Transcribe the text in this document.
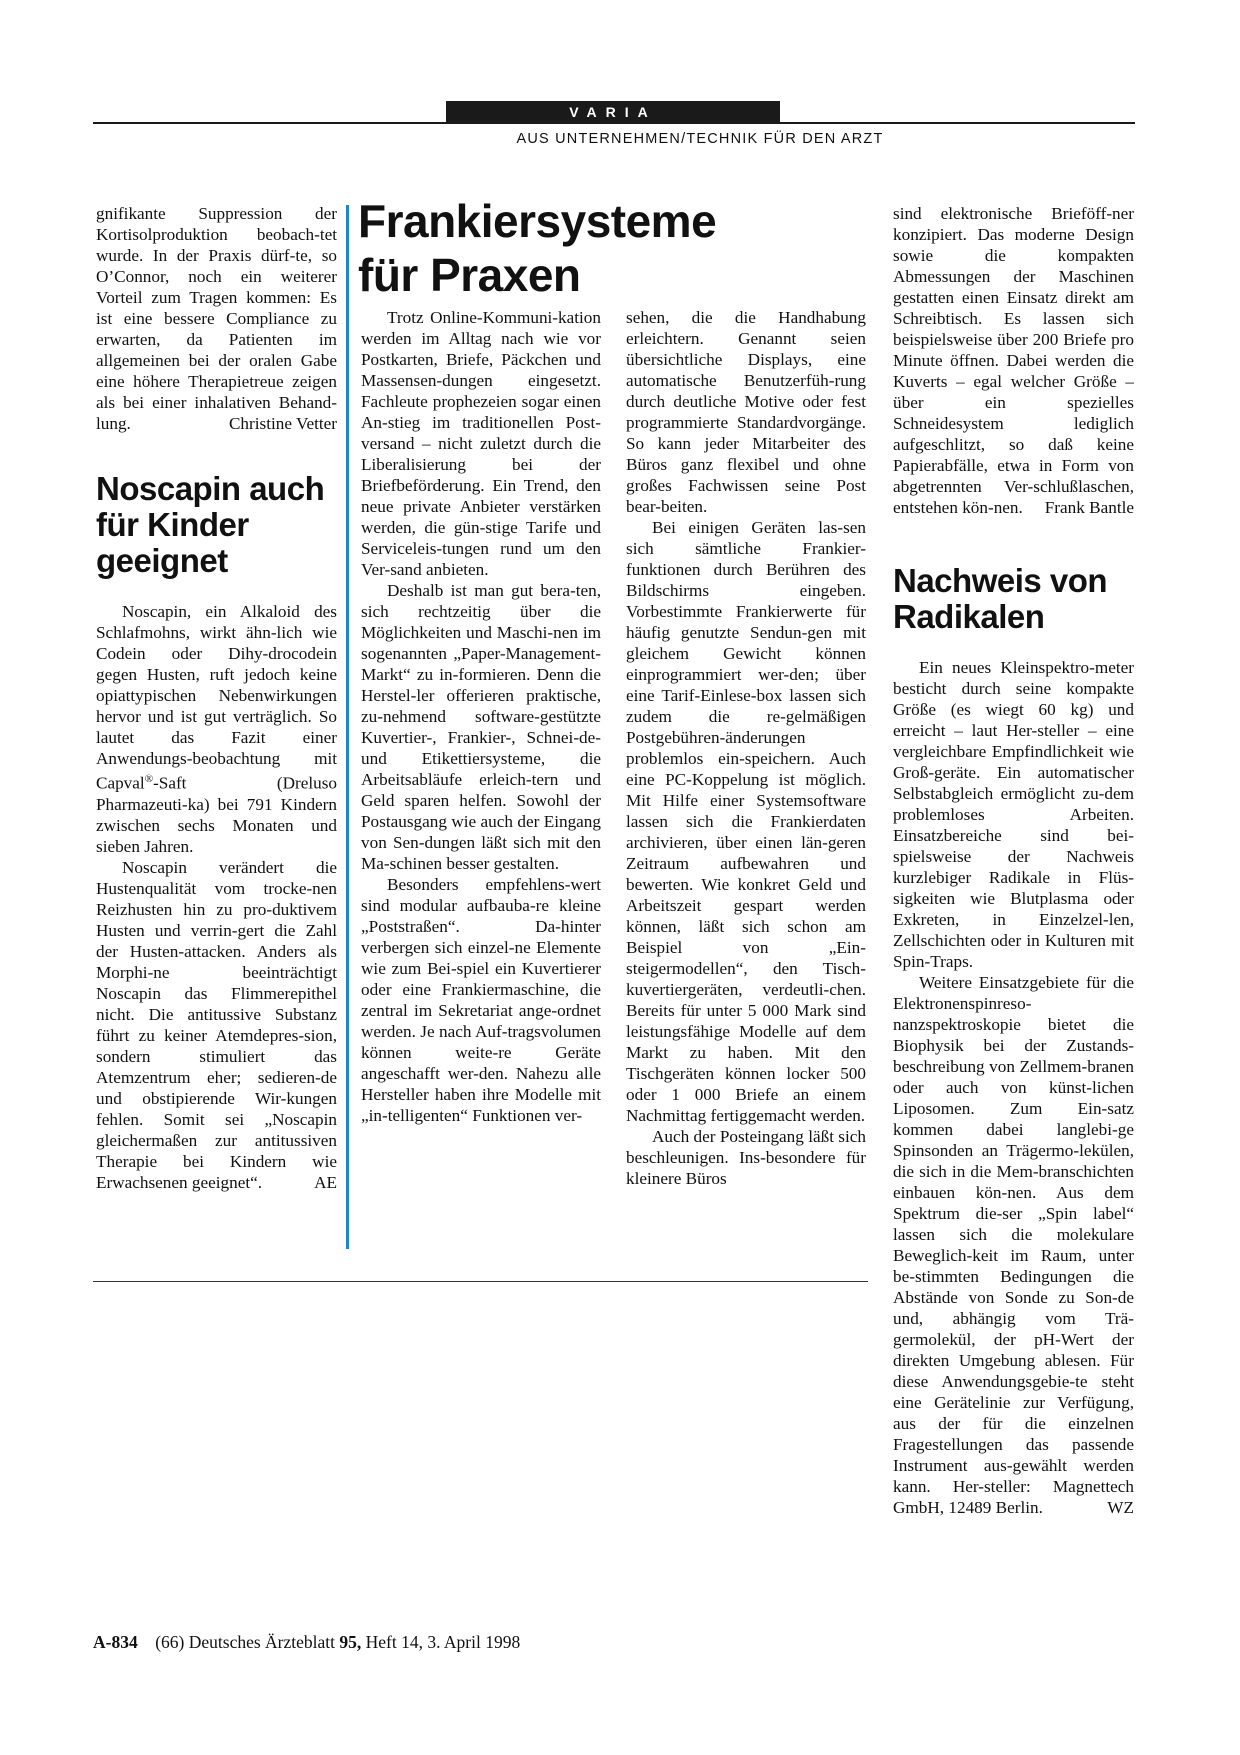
VARIA
AUS UNTERNEHMEN/TECHNIK FÜR DEN ARZT

gnifikante Suppression der Kortisolproduktion beobach-tet wurde. In der Praxis dürf-te, so O’Connor, noch ein weiterer Vorteil zum Tragen kommen: Es ist eine bessere Compliance zu erwarten, da Patienten im allgemeinen bei der oralen Gabe eine höhere Therapietreue zeigen als bei einer inhalativen Behand-lung.	Christine Vetter

Noscapin auch für Kinder geeignet

Noscapin, ein Alkaloid des Schlafmohns, wirkt ähn-lich wie Codein oder Dihy-drocodein gegen Husten, ruft jedoch keine opiattypischen Nebenwirkungen hervor und ist gut verträglich. So lautet das Fazit einer Anwendungs-beobachtung mit Capval®-Saft (Dreluso Pharmazeuti-ka) bei 791 Kindern zwischen sechs Monaten und sieben Jahren.

Noscapin verändert die Hustenqualität vom trocke-nen Reizhusten hin zu pro-duktivem Husten und verrin-gert die Zahl der Husten-attacken. Anders als Morphi-ne beeinträchtigt Noscapin das Flimmerepithel nicht. Die antitussive Substanz führt zu keiner Atemdepres-sion, sondern stimuliert das Atemzentrum eher; sedieren-de und obstipierende Wir-kungen fehlen. Somit sei „Noscapin gleichermaßen zur antitussiven Therapie bei Kindern wie Erwachsenen geeignet“.	AE

Frankiersysteme
für Praxen

Trotz Online-Kommuni-kation werden im Alltag nach wie vor Postkarten, Briefe, Päckchen und Massensen-dungen eingesetzt. Fachleute prophezeien sogar einen An-stieg im traditionellen Post-versand – nicht zuletzt durch die Liberalisierung bei der Briefbeförderung. Ein Trend, den neue private Anbieter verstärken werden, die gün-stige Tarife und Serviceleis-tungen rund um den Ver-sand anbieten.

Deshalb ist man gut bera-ten, sich rechtzeitig über die Möglichkeiten und Maschi-nen im sogenannten „Paper-Management-Markt“ zu in-formieren. Denn die Herstel-ler offerieren praktische, zu-nehmend software-gestützte Kuvertier-, Frankier-, Schnei-de- und Etikettiersysteme, die Arbeitsabläufe erleich-tern und Geld sparen helfen. Sowohl der Postausgang wie auch der Eingang von Sen-dungen läßt sich mit den Ma-schinen besser gestalten.

Besonders empfehlens-wert sind modular aufbauba-re kleine „Poststraßen“. Da-hinter verbergen sich einzel-ne Elemente wie zum Bei-spiel ein Kuvertierer oder eine Frankiermaschine, die zentral im Sekretariat ange-ordnet werden. Je nach Auf-tragsvolumen können weite-re Geräte angeschafft wer-den. Nahezu alle Hersteller haben ihre Modelle mit „in-telligenten“ Funktionen ver-

sehen, die die Handhabung erleichtern. Genannt seien übersichtliche Displays, eine automatische Benutzerfüh-rung durch deutliche Motive oder fest programmierte Standardvorgänge. So kann jeder Mitarbeiter des Büros ganz flexibel und ohne großes Fachwissen seine Post bear-beiten.

Bei einigen Geräten las-sen sich sämtliche Frankier-funktionen durch Berühren des Bildschirms eingeben. Vorbestimmte Frankierwerte für häufig genutzte Sendun-gen mit gleichem Gewicht können einprogrammiert wer-den; über eine Tarif-Einlese-box lassen sich zudem die re-gelmäßigen Postgebühren-änderungen problemlos ein-speichern. Auch eine PC-Koppelung ist möglich. Mit Hilfe einer Systemsoftware lassen sich die Frankierdaten archivieren, über einen län-geren Zeitraum aufbewahren und bewerten. Wie konkret Geld und Arbeitszeit gespart werden können, läßt sich schon am Beispiel von „Ein-steigermodellen“, den Tisch-kuvertiergeräten, verdeutli-chen. Bereits für unter 5 000 Mark sind leistungsfähige Modelle auf dem Markt zu haben. Mit den Tischgeräten können locker 500 oder 1 000 Briefe an einem Nachmittag fertiggemacht werden.

Auch der Posteingang läßt sich beschleunigen. Ins-besondere für kleinere Büros

sind elektronische Brieföff-ner konzipiert. Das moderne Design sowie die kompakten Abmessungen der Maschinen gestatten einen Einsatz direkt am Schreibtisch. Es lassen sich beispielsweise über 200 Briefe pro Minute öffnen. Dabei werden die Kuverts – egal welcher Größe – über ein spezielles Schneidesystem lediglich aufgeschlitzt, so daß keine Papierabfälle, etwa in Form von abgetrennten Ver-schlußlaschen, entstehen kön-nen. Frank Bantle

Nachweis von Radikalen

Ein neues Kleinspektro-meter besticht durch seine kompakte Größe (es wiegt 60 kg) und erreicht – laut Her-steller – eine vergleichbare Empfindlichkeit wie Groß-geräte. Ein automatischer Selbstabgleich ermöglicht zu-dem problemloses Arbeiten. Einsatzbereiche sind bei-spielsweise der Nachweis kurzlebiger Radikale in Flüs-sigkeiten wie Blutplasma oder Exkreten, in Einzelzel-len, Zellschichten oder in Kulturen mit Spin-Traps.

Weitere Einsatzgebiete für die Elektronenspinreso-nanzspektroskopie bietet die Biophysik bei der Zustands-beschreibung von Zellmem-branen oder auch von künst-lichen Liposomen. Zum Ein-satz kommen dabei langlebi-ge Spinsonden an Trägermo-lekülen, die sich in die Mem-branschichten einbauen kön-nen. Aus dem Spektrum die-ser „Spin label“ lassen sich die molekulare Beweglich-keit im Raum, unter be-stimmten Bedingungen die Abstände von Sonde zu Son-de und, abhängig vom Trä-germolekül, der pH-Wert der direkten Umgebung ablesen. Für diese Anwendungsgebie-te steht eine Gerätelinie zur Verfügung, aus der für die einzelnen Fragestellungen das passende Instrument aus-gewählt werden kann. Her-steller: Magnettech GmbH, 12489 Berlin.	WZ

A-834 (66) Deutsches Ärzteblatt 95, Heft 14, 3. April 1998
